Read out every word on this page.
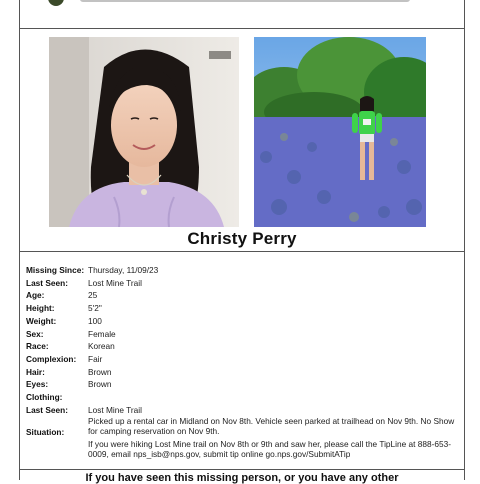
Christy Perry
Missing Since: Thursday, 11/09/23
Last Seen:	Lost Mine Trail
Age:	25
Height:	5'2"
Weight:	100
Sex:	Female
Race:	Korean
Complexion:	Fair
Hair:	Brown
Eyes:	Brown
Clothing:
Last Seen:	Lost Mine Trail
Situation:
Picked up a rental car in Midland on Nov 8th. Vehicle seen parked at trailhead on Nov 9th. No Show for camping reservation on Nov 9th.
If you were hiking Lost Mine trail on Nov 8th or 9th and saw her, please call the TipLine at 888-653-0009, email nps_isb@nps.gov, submit tip online go.nps.gov/SubmitATip
If you have seen this missing person, or you have any other
